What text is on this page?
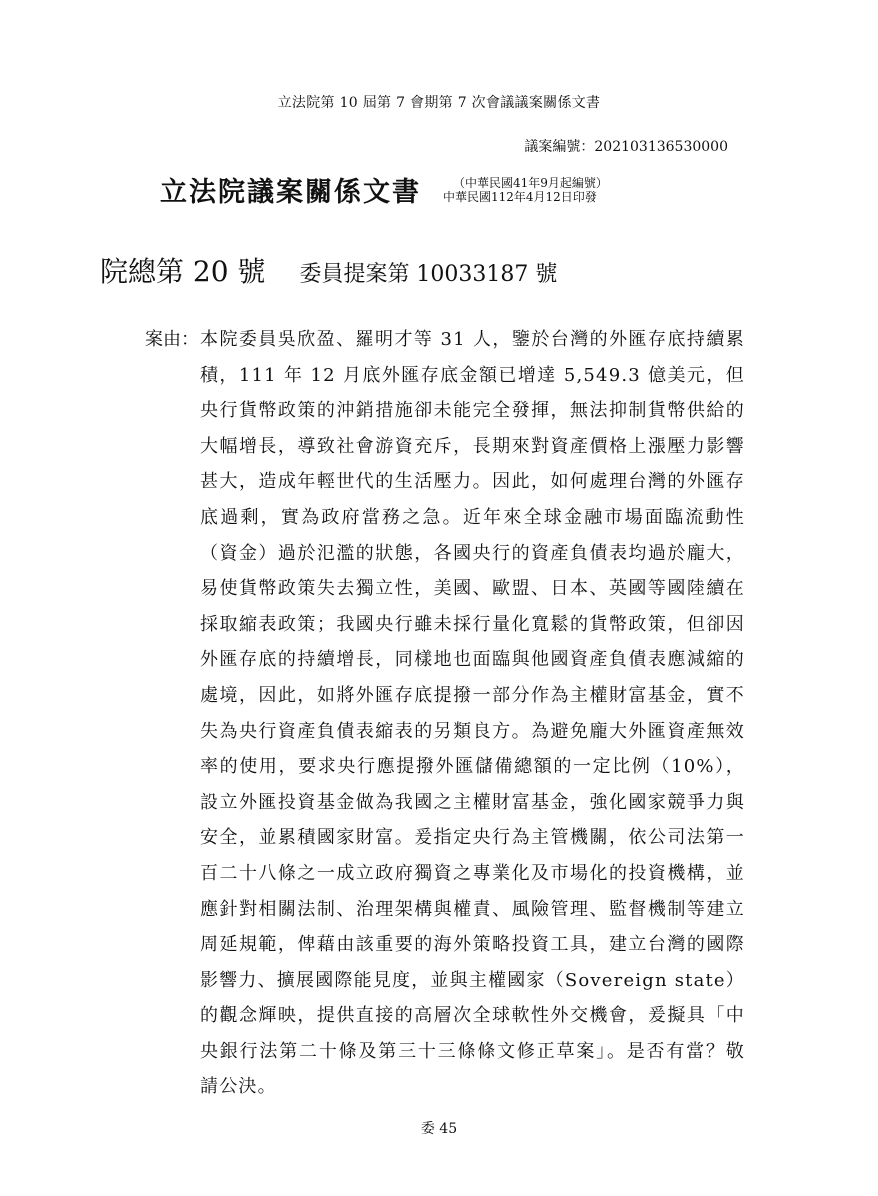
立法院第 10 屆第 7 會期第 7 次會議議案關係文書
議案編號：202103136530000
立法院議案關係文書	（中華民國41年9月起編號）
中華民國112年4月12日印發
院總第 20 號 委員提案第 10033187 號
案由： 本院委員吳欣盈、羅明才等 31 人，鑒於台灣的外匯存底持續累積，111 年 12 月底外匯存底金額已增達 5,549.3 億美元，但央行貨幣政策的沖銷措施卻未能完全發揮，無法抑制貨幣供給的大幅增長，導致社會游資充斥，長期來對資產價格上漲壓力影響甚大，造成年輕世代的生活壓力。因此，如何處理台灣的外匯存底過剩，實為政府當務之急。近年來全球金融市場面臨流動性（資金）過於氾濫的狀態，各國央行的資產負債表均過於龐大，易使貨幣政策失去獨立性，美國、歐盟、日本、英國等國陸續在採取縮表政策；我國央行雖未採行量化寬鬆的貨幣政策，但卻因外匯存底的持續增長，同樣地也面臨與他國資產負債表應減縮的處境，因此，如將外匯存底提撥一部分作為主權財富基金，實不失為央行資產負債表縮表的另類良方。為避免龐大外匯資產無效率的使用，要求央行應提撥外匯儲備總額的一定比例（10%），設立外匯投資基金做為我國之主權財富基金，強化國家競爭力與安全，並累積國家財富。爰指定央行為主管機關，依公司法第一百二十八條之一成立政府獨資之專業化及市場化的投資機構，並應針對相關法制、治理架構與權責、風險管理、監督機制等建立周延規範，俾藉由該重要的海外策略投資工具，建立台灣的國際影響力、擴展國際能見度，並與主權國家（Sovereign state）的觀念輝映，提供直接的高層次全球軟性外交機會，爰擬具「中央銀行法第二十條及第三十三條條文修正草案」。是否有當？敬請公決。
委 45
